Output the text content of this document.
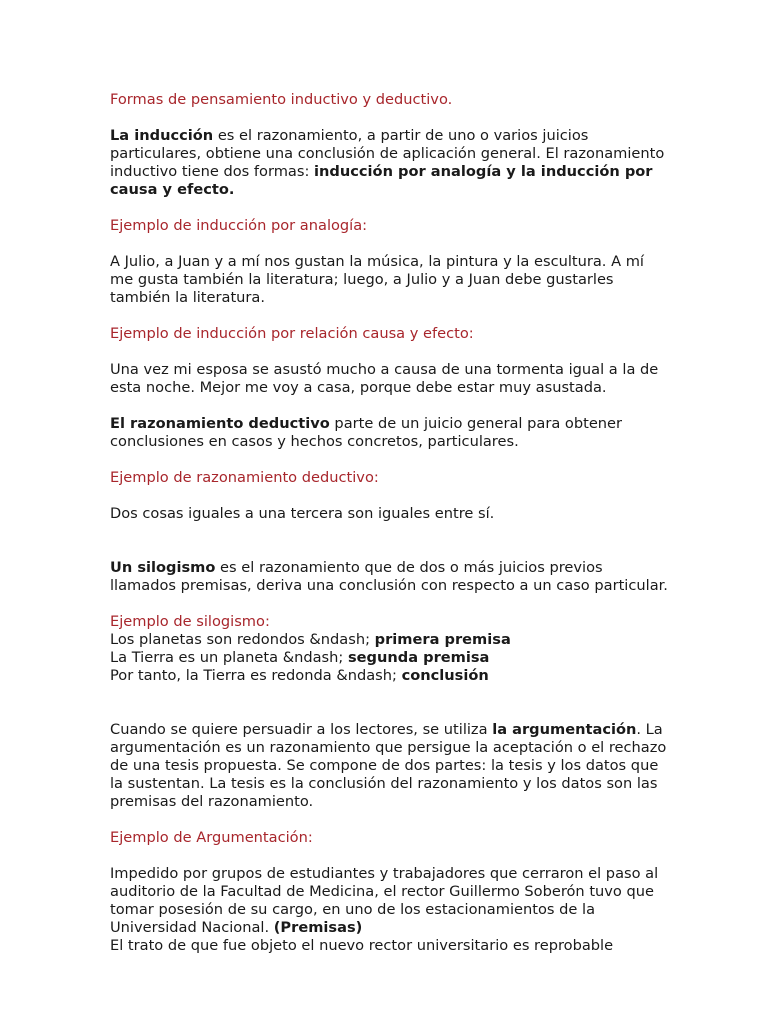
Formas de pensamiento inductivo y deductivo.

La inducción es el razonamiento, a partir de uno o varios juicios particulares, obtiene una conclusión de aplicación general. El razonamiento inductivo tiene dos formas: inducción por analogía y la inducción por causa y efecto.

Ejemplo de inducción por analogía:

A Julio, a Juan y a mí nos gustan la música, la pintura y la escultura. A mí me gusta también la literatura; luego, a Julio y a Juan debe gustarles también la literatura.

Ejemplo de inducción por relación causa y efecto:

Una vez mi esposa se asustó mucho a causa de una tormenta igual a la de esta noche. Mejor me voy a casa, porque debe estar muy asustada.

El razonamiento deductivo parte de un juicio general para obtener conclusiones en casos y hechos concretos, particulares.

Ejemplo de razonamiento deductivo:

Dos cosas iguales a una tercera son iguales entre sí.

Un silogismo es el razonamiento que de dos o más juicios previos llamados premisas, deriva una conclusión con respecto a un caso particular.

Ejemplo de silogismo:

Los planetas son redondos &ndash; primera premisa

La Tierra es un planeta &ndash; segunda premisa

Por tanto, la Tierra es redonda &ndash; conclusión

Cuando se quiere persuadir a los lectores, se utiliza la argumentación. La argumentación es un razonamiento que persigue la aceptación o el rechazo de una tesis propuesta. Se compone de dos partes: la tesis y los datos que la sustentan. La tesis es la conclusión del razonamiento y los datos son las premisas del razonamiento.

Ejemplo de Argumentación:

Impedido por grupos de estudiantes y trabajadores que cerraron el paso al auditorio de la Facultad de Medicina, el rector Guillermo Soberón tuvo que tomar posesión de su cargo, en uno de los estacionamientos de la Universidad Nacional. (Premisas)

El trato de que fue objeto el nuevo rector universitario es reprobable
